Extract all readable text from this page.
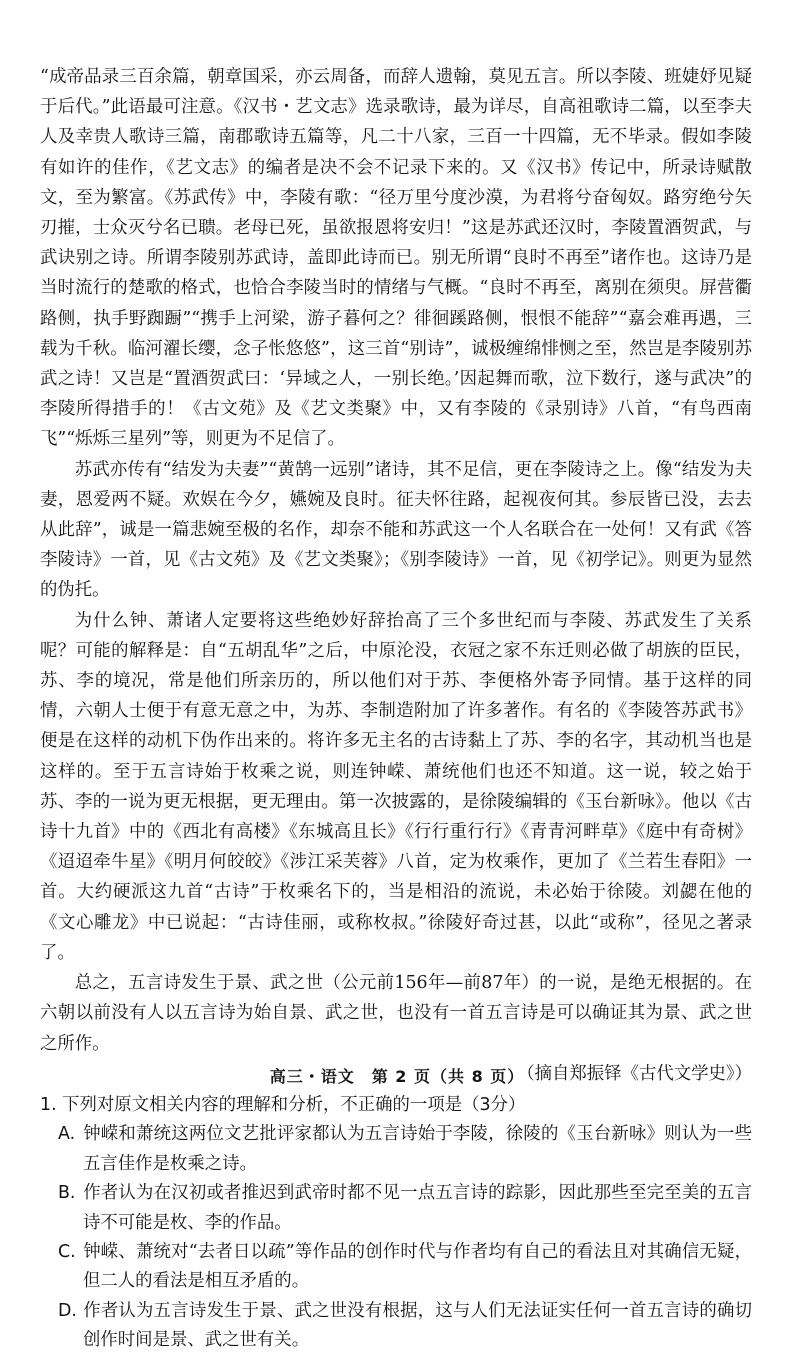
“成帝品录三百余篇，朝章国采，亦云周备，而辞人遗翰，莫见五言。所以李陵、班婕妤见疑于后代。”此语最可注意。《汉书・艺文志》选录歌诗，最为详尽，自高祖歌诗二篇，以至李夫人及幸贵人歌诗三篇，南郡歌诗五篇等，凡二十八家，三百一十四篇，无不毕录。假如李陵有如许的佳作，《艺文志》的编者是决不会不记录下来的。又《汉书》传记中，所录诗赋散文，至为繁富。《苏武传》中，李陵有歌：“径万里兮度沙漠，为君将兮奋匈奴。路穷绝兮矢刃摧，士众灭兮名已聩。老母已死，虽欲报恩将安归！”这是苏武还汉时，李陵置酒贺武，与武诀别之诗。所谓李陵别苏武诗，盖即此诗而已。别无所谓“良时不再至”诸作也。这诗乃是当时流行的楚歌的格式，也恰合李陵当时的情绪与气概。“良时不再至，离别在须臾。屏营衢路侧，执手野踟蹰”“携手上河梁，游子暮何之？徘徊蹊路侧，恨恨不能辞”“嘉会难再遇，三载为千秋。临河濯长缨，念子怅悠悠”，这三首“别诗”，诚极缠绵悱恻之至，然岂是李陵别苏武之诗！又岂是“置酒贺武曰：‘异域之人，一别长绝。’因起舞而歌，泣下数行，遂与武决”的李陵所得措手的！《古文苑》及《艺文类聚》中，又有李陵的《录别诗》八首，“有鸟西南飞”“烁烁三星列”等，则更为不足信了。

苏武亦传有“结发为夫妻”“黄鹄一远别”诸诗，其不足信，更在李陵诗之上。像“结发为夫妻，恩爱两不疑。欢娱在今夕，嬿婉及良时。征夫怀往路，起视夜何其。参辰皆已没，去去从此辞”，诚是一篇悲婉至极的名作，却奈不能和苏武这一个人名联合在一处何！又有武《答李陵诗》一首，见《古文苑》及《艺文类聚》；《别李陵诗》一首，见《初学记》。则更为显然的伪托。

为什么钟、萧诸人定要将这些绝妙好辞抬高了三个多世纪而与李陵、苏武发生了关系呢？可能的解释是：自“五胡乱华”之后，中原沦没，衣冠之家不东迁则必做了胡族的臣民，苏、李的境况，常是他们所亲历的，所以他们对于苏、李便格外寄予同情。基于这样的同情，六朝人士便于有意无意之中，为苏、李制造附加了许多著作。有名的《李陵答苏武书》便是在这样的动机下伪作出来的。将许多无主名的古诗黏上了苏、李的名字，其动机当也是这样的。至于五言诗始于枚乘之说，则连钟嵘、萧统他们也还不知道。这一说，较之始于苏、李的一说为更无根据，更无理由。第一次披露的，是徐陵编辑的《玉台新咏》。他以《古诗十九首》中的《西北有高楼》《东城高且长》《行行重行行》《青青河畔草》《庭中有奇树》《迢迢牵牛星》《明月何皎皎》《涉江采芙蓉》八首，定为枚乘作，更加了《兰若生春阳》一首。大约硬派这九首“古诗”于枚乘名下的，当是相沿的流说，未必始于徐陵。刘勰在他的《文心雕龙》中已说起：“古诗佳丽，或称枚叔。”徐陵好奇过甚，以此“或称”，径见之著录了。

总之，五言诗发生于景、武之世（公元前156年—前87年）的一说，是绝无根据的。在六朝以前没有人以五言诗为始自景、武之世，也没有一首五言诗是可以确证其为景、武之世之所作。

（摘自郑振铎《古代文学史》）

1. 下列对原文相关内容的理解和分析，不正确的一项是（3分）

A. 钟嵘和萧统这两位文艺批评家都认为五言诗始于李陵，徐陵的《玉台新咏》则认为一些五言佳作是枚乘之诗。

B. 作者认为在汉初或者推迟到武帝时都不见一点五言诗的踪影，因此那些至完至美的五言诗不可能是枚、李的作品。

C. 钟嵘、萧统对“去者日以疏”等作品的创作时代与作者均有自己的看法且对其确信无疑，但二人的看法是相互矛盾的。

D. 作者认为五言诗发生于景、武之世没有根据，这与人们无法证实任何一首五言诗的确切创作时间是景、武之世有关。

高三・语文　第 2 页（共 8 页）
